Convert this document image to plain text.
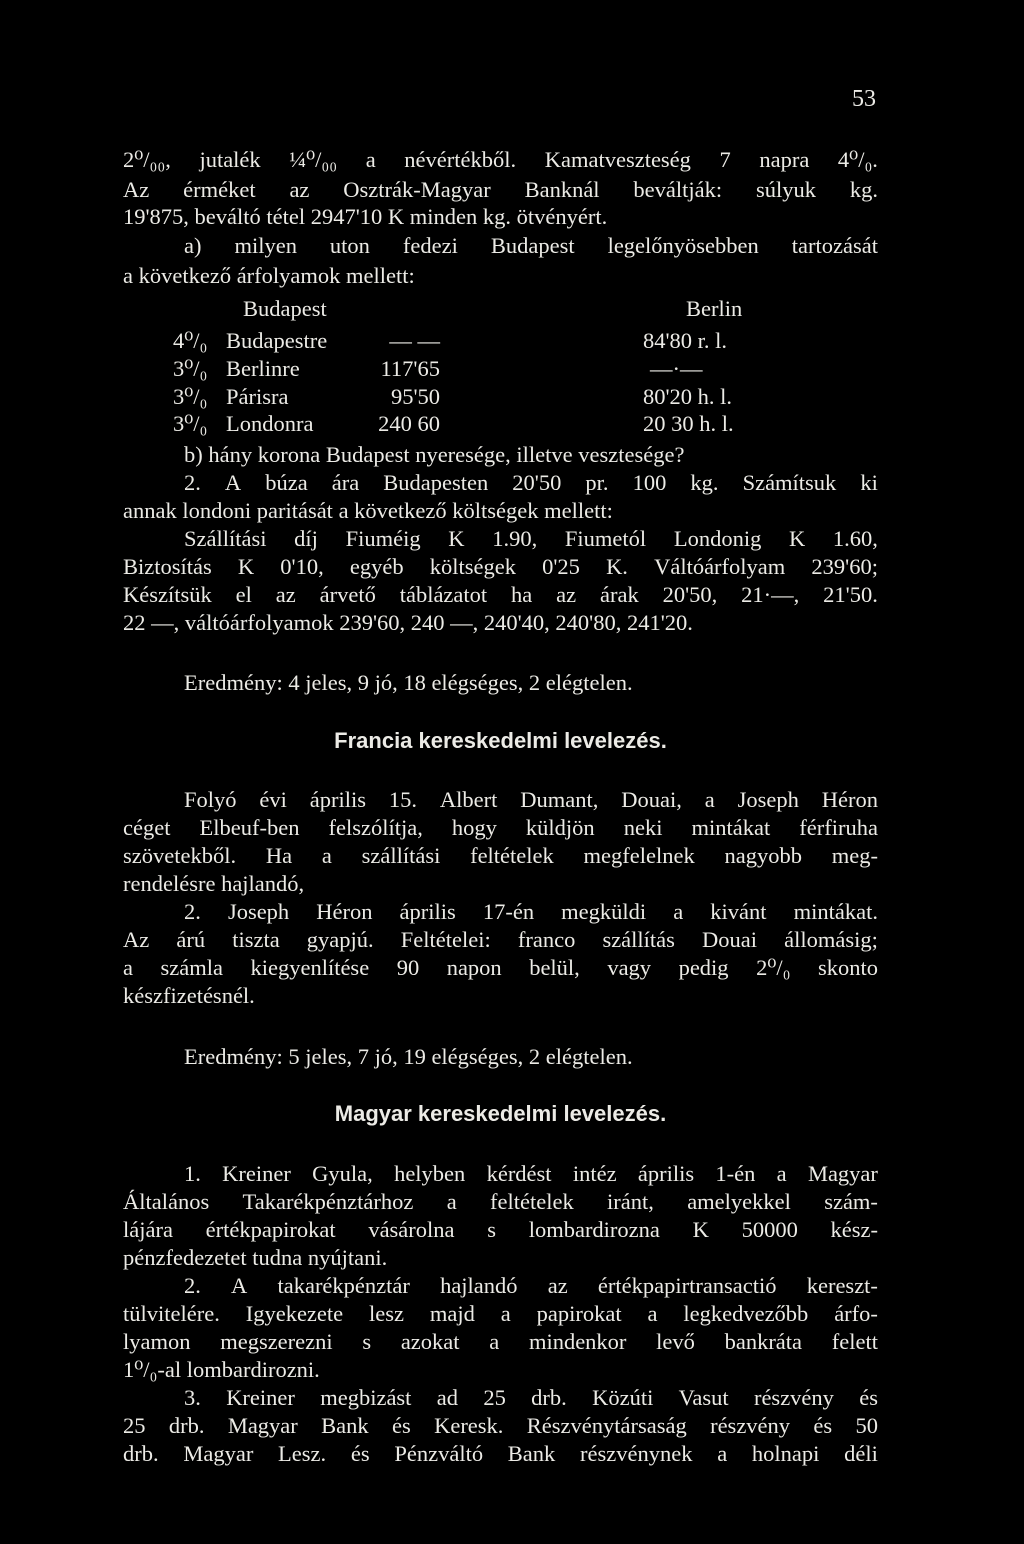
53
2⁰/₀₀, jutalék ¼⁰/₀₀ a névértékből. Kamatveszteség 7 napra 4⁰/₀.
Az érméket az Osztrák-Magyar Banknál beváltják: súlyuk kg.
19'875, beváltó tétel 2947'10 K minden kg. ötvényért.
a) milyen uton fedezi Budapest legelőnyösebben tartozását
a következő árfolyamok mellett:
Budapest	Berlin
4⁰/₀ Budapestre	— —	84'80 r. l.
3⁰/₀ Berlinre	117'65	—·—
3⁰/₀ Párisra	95'50	80'20 h. l.
3⁰/₀ Londonra	240 60	20 30 h. l.
b) hány korona Budapest nyeresége, illetve vesztesége?
2. A búza ára Budapesten 20'50 pr. 100 kg. Számítsuk ki
annak londoni paritását a következő költségek mellett:
Szállítási díj Fiuméig K 1.90, Fiumetól Londonig K 1.60,
Biztosítás K 0'10, egyéb költségek 0'25 K. Váltóárfolyam 239'60;
Készítsük el az árvető táblázatot ha az árak 20'50, 21·—, 21'50.
22 —, váltóárfolyamok 239'60, 240 —, 240'40, 240'80, 241'20.
Eredmény: 4 jeles, 9 jó, 18 elégséges, 2 elégtelen.
Francia kereskedelmi levelezés.
Folyó évi április 15. Albert Dumant, Douai, a Joseph Héron
céget Elbeuf-ben felszólítja, hogy küldjön neki mintákat férfiruha
szövetekből. Ha a szállítási feltételek megfelelnek nagyobb meg-
rendelésre hajlandó,
2. Joseph Héron április 17-én megküldi a kivánt mintákat.
Az árú tiszta gyapjú. Feltételei: franco szállítás Douai állomásig;
a számla kiegyenlítése 90 napon belül, vagy pedig 2⁰/₀ skonto
készfizetésnél.
Eredmény: 5 jeles, 7 jó, 19 elégséges, 2 elégtelen.
Magyar kereskedelmi levelezés.
1. Kreiner Gyula, helyben kérdést intéz április 1-én a Magyar
Általános Takarékpénztárhoz a feltételek iránt, amelyekkel szám-
lájára értékpapirokat vásárolna s lombardirozna K 50000 kész-
pénzfedezetet tudna nyújtani.
2. A takarékpénztár hajlandó az értékpapirtransactió kereszt-
tülvitelére. Igyekezete lesz majd a papirokat a legkedvezőbb árfo-
lyamon megszerezni s azokat a mindenkor levő bankráta felett
1⁰/₀-al lombardirozni.
3. Kreiner megbizást ad 25 drb. Közúti Vasut részvény és
25 drb. Magyar Bank és Keresk. Részvénytársaság részvény és 50
drb. Magyar Lesz. és Pénzváltó Bank részvénynek a holnapi déli
